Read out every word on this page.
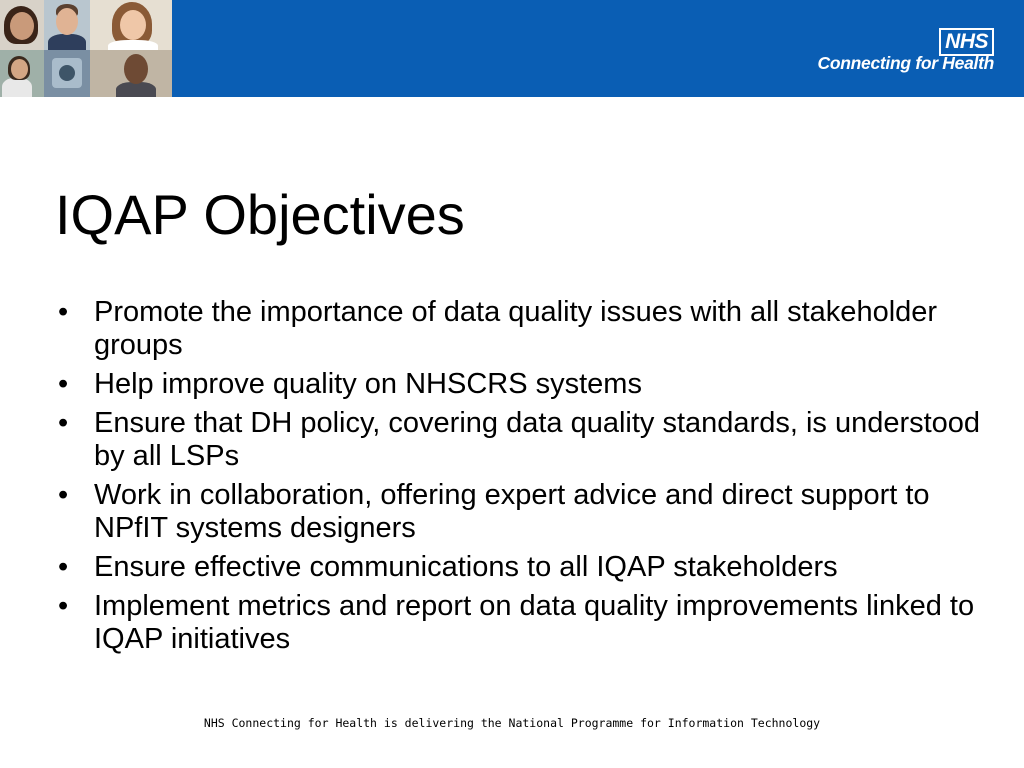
NHS
Connecting for Health
IQAP Objectives
• Promote the importance of data quality issues with all stakeholder groups
• Help improve quality on NHSCRS systems
• Ensure that DH policy, covering data quality standards, is understood by all LSPs
• Work in collaboration, offering expert advice and direct support to NPfIT systems designers
• Ensure effective communications to all IQAP stakeholders
• Implement metrics and report on data quality improvements linked to IQAP initiatives
NHS Connecting for Health is delivering the National Programme for Information Technology
